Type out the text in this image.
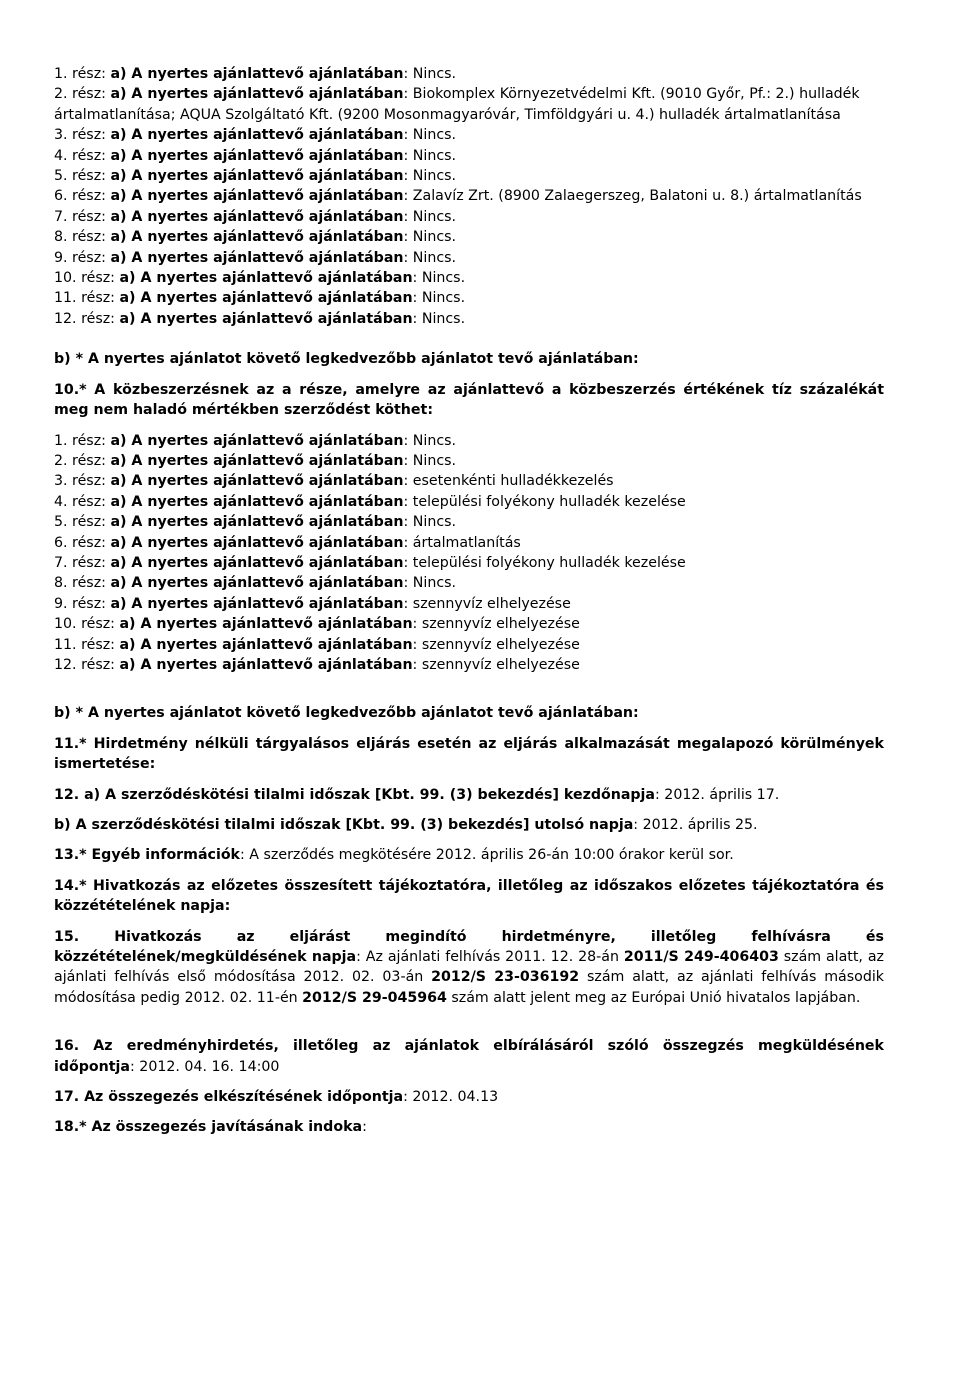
1. rész: a) A nyertes ajánlattevő ajánlatában: Nincs.
2. rész: a) A nyertes ajánlattevő ajánlatában: Biokomplex Környezetvédelmi Kft. (9010 Győr, Pf.: 2.) hulladék ártalmatlanítása; AQUA Szolgáltató Kft. (9200 Mosonmagyaróvár, Timföldgyári u. 4.) hulladék ártalmatlanítása
3. rész: a) A nyertes ajánlattevő ajánlatában: Nincs.
4. rész: a) A nyertes ajánlattevő ajánlatában: Nincs.
5. rész: a) A nyertes ajánlattevő ajánlatában: Nincs.
6. rész: a) A nyertes ajánlattevő ajánlatában: Zalavíz Zrt. (8900 Zalaegerszeg, Balatoni u. 8.) ártalmatlanítás
7. rész: a) A nyertes ajánlattevő ajánlatában: Nincs.
8. rész: a) A nyertes ajánlattevő ajánlatában: Nincs.
9. rész: a) A nyertes ajánlattevő ajánlatában: Nincs.
10. rész: a) A nyertes ajánlattevő ajánlatában: Nincs.
11. rész: a) A nyertes ajánlattevő ajánlatában: Nincs.
12. rész: a) A nyertes ajánlattevő ajánlatában: Nincs.

b) * A nyertes ajánlatot követő legkedvezőbb ajánlatot tevő ajánlatában:

10.* A közbeszerzésnek az a része, amelyre az ajánlattevő a közbeszerzés értékének tíz százalékát meg nem haladó mértékben szerződést köthet:

1. rész: a) A nyertes ajánlattevő ajánlatában: Nincs.
2. rész: a) A nyertes ajánlattevő ajánlatában: Nincs.
3. rész: a) A nyertes ajánlattevő ajánlatában: esetenkénti hulladékkezelés
4. rész: a) A nyertes ajánlattevő ajánlatában: települési folyékony hulladék kezelése
5. rész: a) A nyertes ajánlattevő ajánlatában: Nincs.
6. rész: a) A nyertes ajánlattevő ajánlatában: ártalmatlanítás
7. rész: a) A nyertes ajánlattevő ajánlatában: települési folyékony hulladék kezelése
8. rész: a) A nyertes ajánlattevő ajánlatában: Nincs.
9. rész: a) A nyertes ajánlattevő ajánlatában: szennyvíz elhelyezése
10. rész: a) A nyertes ajánlattevő ajánlatában: szennyvíz elhelyezése
11. rész: a) A nyertes ajánlattevő ajánlatában: szennyvíz elhelyezése
12. rész: a) A nyertes ajánlattevő ajánlatában: szennyvíz elhelyezése

b) * A nyertes ajánlatot követő legkedvezőbb ajánlatot tevő ajánlatában:

11.* Hirdetmény nélküli tárgyalásos eljárás esetén az eljárás alkalmazását megalapozó körülmények ismertetése:

12. a) A szerződéskötési tilalmi időszak [Kbt. 99. (3) bekezdés] kezdőnapja: 2012. április 17.

b) A szerződéskötési tilalmi időszak [Kbt. 99. (3) bekezdés] utolsó napja: 2012. április 25.

13.* Egyéb információk: A szerződés megkötésére 2012. április 26-án 10:00 órakor kerül sor.

14.* Hivatkozás az előzetes összesített tájékoztatóra, illetőleg az időszakos előzetes tájékoztatóra és közzétételének napja:

15. Hivatkozás az eljárást megindító hirdetményre, illetőleg felhívásra és közzétételének/megküldésének napja: Az ajánlati felhívás 2011. 12. 28-án 2011/S 249-406403 szám alatt, az ajánlati felhívás első módosítása 2012. 02. 03-án 2012/S 23-036192 szám alatt, az ajánlati felhívás második módosítása pedig 2012. 02. 11-én 2012/S 29-045964 szám alatt jelent meg az Európai Unió hivatalos lapjában.

16. Az eredményhirdetés, illetőleg az ajánlatok elbírálásáról szóló összegzés megküldésének időpontja: 2012. 04. 16. 14:00

17. Az összegezés elkészítésének időpontja: 2012. 04.13

18.* Az összegezés javításának indoka:
